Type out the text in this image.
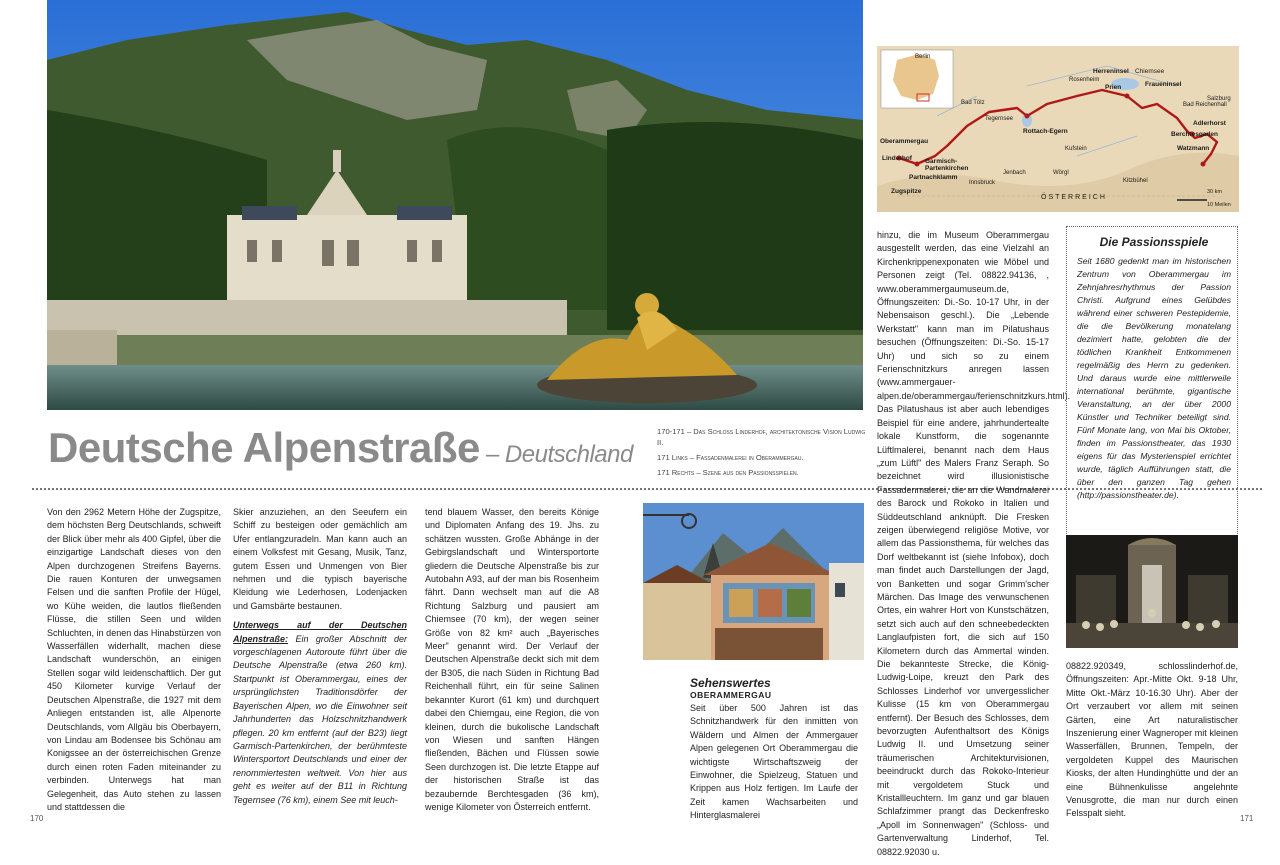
Berlin
Herreninsel Chiemsee
Fraueninsel
Rosenheim
Prien
Bad Tölz
Tegernsee
Rottach-Egern
Oberammergau
Linderhof Garmisch-Partenkirchen
Partnachklamm
Zugspitze
Adlerhorst
Berchtesgaden
Watzmann
Salzburg
Bad Reichenhall
Kufstein
Innsbruck
Wörgl
Jenbach
Kitzbühel
ÖSTERREICH
30 km
10 Meilen
Deutsche Alpenstraße – Deutschland

170-171 – Das Schloss Linderhof, architektonische Vision Ludwig II.

171 Links – Fassadenmalerei in Oberammergau.

171 Rechts – Szene aus den Passionsspielen.

Von den 2962 Metern Höhe der Zugspitze, dem höchsten Berg Deutschlands, schweift der Blick über mehr als 400 Gipfel, über die einzigartige Landschaft dieses von den Alpen durchzogenen Streifens Bayerns. Die rauen Konturen der unwegsamen Felsen und die sanften Profile der Hügel, wo Kühe weiden, die lautlos fließenden Flüsse, die stillen Seen und wilden Schluchten, in denen das Hinabstürzen von Wasserfällen widerhallt, machen diese Landschaft wunderschön, an einigen Stellen sogar wild leidenschaftlich. Der gut 450 Kilometer kurvige Verlauf der Deutschen Alpenstraße, die 1927 mit dem Anliegen entstanden ist, alle Alpenorte Deutschlands, vom Allgäu bis Oberbayern, von Lindau am Bodensee bis Schönau am Konigssee an der österreichischen Grenze durch einen roten Faden miteinander zu verbinden. Unterwegs hat man Gelegenheit, das Auto stehen zu lassen und stattdessen die

Skier anzuziehen, an den Seeufern ein Schiff zu besteigen oder gemächlich am Ufer entlangzuradeln. Man kann auch an einem Volksfest mit Gesang, Musik, Tanz, gutem Essen und Unmengen von Bier nehmen und die typisch bayerische Kleidung wie Lederhosen, Lodenjacken und Gamsbärte bestaunen.

Unterwegs auf der Deutschen Alpenstraße: Ein großer Abschnitt der vorgeschlagenen Autoroute führt über die Deutsche Alpenstraße (etwa 260 km). Startpunkt ist Oberammergau, eines der ursprünglichsten Traditionsdörfer der Bayerischen Alpen, wo die Einwohner seit Jahrhunderten das Holzschnitzhandwerk pflegen. 20 km entfernt (auf der B23) liegt Garmisch-Partenkirchen, der berühmteste Wintersportort Deutschlands und einer der renommiertesten weltweit. Von hier aus geht es weiter auf der B11 in Richtung Tegernsee (76 km), einem See mit leuch-

tend blauem Wasser, den bereits Könige und Diplomaten Anfang des 19. Jhs. zu schätzen wussten. Große Abhänge in der Gebirgslandschaft und Wintersportorte gliedern die Deutsche Alpenstraße bis zur Autobahn A93, auf der man bis Rosenheim fährt. Dann wechselt man auf die A8 Richtung Salzburg und pausiert am Chiemsee (70 km), der wegen seiner Größe von 82 km² auch „Bayerisches Meer" genannt wird. Der Verlauf der Deutschen Alpenstraße deckt sich mit dem der B305, die nach Süden in Richtung Bad Reichenhall führt, ein für seine Salinen bekannter Kurort (61 km) und durchquert dabei den Chiemgau, eine Region, die von kleinen, durch die bukolische Landschaft von Wiesen und sanften Hängen fließenden, Bächen und Flüssen sowie Seen durchzogen ist. Die letzte Etappe auf der historischen Straße ist das bezaubernde Berchtesgaden (36 km), wenige Kilometer von Österreich entfernt.

Sehenswertes
OBERAMMERGAU

Seit über 500 Jahren ist das Schnitzhandwerk für den inmitten von Wäldern und Almen der Ammergauer Alpen gelegenen Ort Oberammergau die wichtigste Wirtschaftszweig der Einwohner, die Spielzeug, Statuen und Krippen aus Holz fertigen. Im Laufe der Zeit kamen Wachsarbeiten und Hinterglasmalerei

hinzu, die im Museum Oberammergau ausgestellt werden, das eine Vielzahl an Kirchenkrippenexponaten wie Möbel und Personen zeigt (Tel. 08822.94136, , www.oberammergaumuseum.de, Öffnungszeiten: Di.-So. 10-17 Uhr, in der Nebensaison geschl.). Die „Lebende Werkstatt" kann man im Pilatushaus besuchen (Öffnungszeiten: Di.-So. 15-17 Uhr) und sich so zu einem Ferienschnitzkurs anregen lassen (www.ammergauer-alpen.de/oberammergau/ferienschnitzkurs.html). Das Pilatushaus ist aber auch lebendiges Beispiel für eine andere, jahrhundertealte lokale Kunstform, die sogenannte Lüftlmalerei, benannt nach dem Haus „zum Lüftl" des Malers Franz Seraph. So bezeichnet wird illusionistische Fassadenmalerei, die an die Wandmalerei des Barock und Rokoko in Italien und Süddeutschland anknüpft. Die Fresken zeigen überwiegend religiöse Motive, vor allem das Passionsthema, für welches das Dorf weltbekannt ist (siehe Infobox), doch man findet auch Darstellungen der Jagd, von Banketten und sogar Grimm'scher Märchen. Das Image des verwunschenen Ortes, ein wahrer Hort von Kunstschätzen, setzt sich auch auf den schneebedeckten Langlaufpisten fort, die sich auf 150 Kilometern durch das Ammertal winden. Die bekannteste Strecke, die König-Ludwig-Loipe, kreuzt den Park des Schlosses Linderhof vor unvergesslicher Kulisse (15 km von Oberammergau entfernt). Der Besuch des Schlosses, dem bevorzugten Aufenthaltsort des Königs Ludwig II. und Umsetzung seiner träumerischen Architekturvisionen, beeindruckt durch das Rokoko-Interieur mit vergoldetem Stuck und Kristallleuchtern. Im ganz und gar blauen Schlafzimmer prangt das Deckenfresko „Apoll im Sonnenwagen" (Schloss- und Gartenverwaltung Linderhof, Tel. 08822.92030 u.

Die Passionsspiele
Seit 1680 gedenkt man im historischen Zentrum von Oberammergau im Zehnjahresrhythmus der Passion Christi. Aufgrund eines Gelübdes während einer schweren Pestepidemie, die die Bevölkerung monatelang dezimiert hatte, gelobten die der tödlichen Krankheit Entkommenen regelmäßig des Herrn zu gedenken. Und daraus wurde eine mittlerweile international berühmte, gigantische Veranstaltung, an der über 2000 Künstler und Techniker beteiligt sind. Fünf Monate lang, von Mai bis Oktober, finden im Passionstheater, das 1930 eigens für das Mysterienspiel errichtet wurde, täglich Aufführungen statt, die über den ganzen Tag gehen (http://passionstheater.de).

08822.920349, schlosslinderhof.de, Öffnungszeiten: Apr.-Mitte Okt. 9-18 Uhr, Mitte Okt.-März 10-16.30 Uhr). Aber der Ort verzaubert vor allem mit seinen Gärten, eine Art naturalistischer Inszenierung einer Wagneroper mit kleinen Wasserfällen, Brunnen, Tempeln, der vergoldeten Kuppel des Maurischen Kiosks, der alten Hundinghütte und der an eine Bühnenkulisse angelehnte Venusgrotte, die man nur durch einen Felsspalt sieht.

170	171
